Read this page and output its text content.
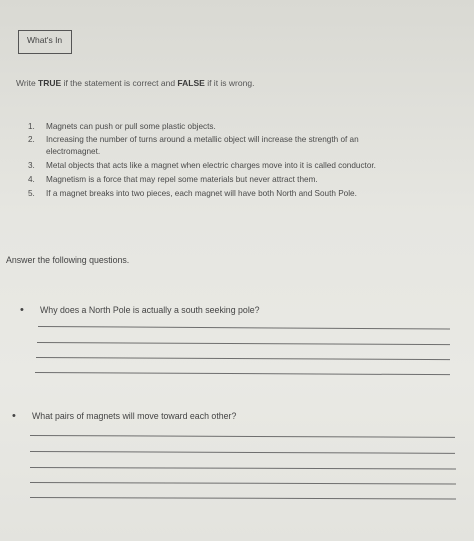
What's In
Write TRUE if the statement is correct and FALSE if it is wrong.
1. Magnets can push or pull some plastic objects.
2. Increasing the number of turns around a metallic object will increase the strength of an
electromagnet.
3. Metal objects that acts like a magnet when electric charges move into it is called conductor.
4. Magnetism is a force that may repel some materials but never attract them.
5. If a magnet breaks into two pieces, each magnet will have both North and South Pole.
Answer the following questions.
• Why does a North Pole is actually a south seeking pole?
• What pairs of magnets will move toward each other?
